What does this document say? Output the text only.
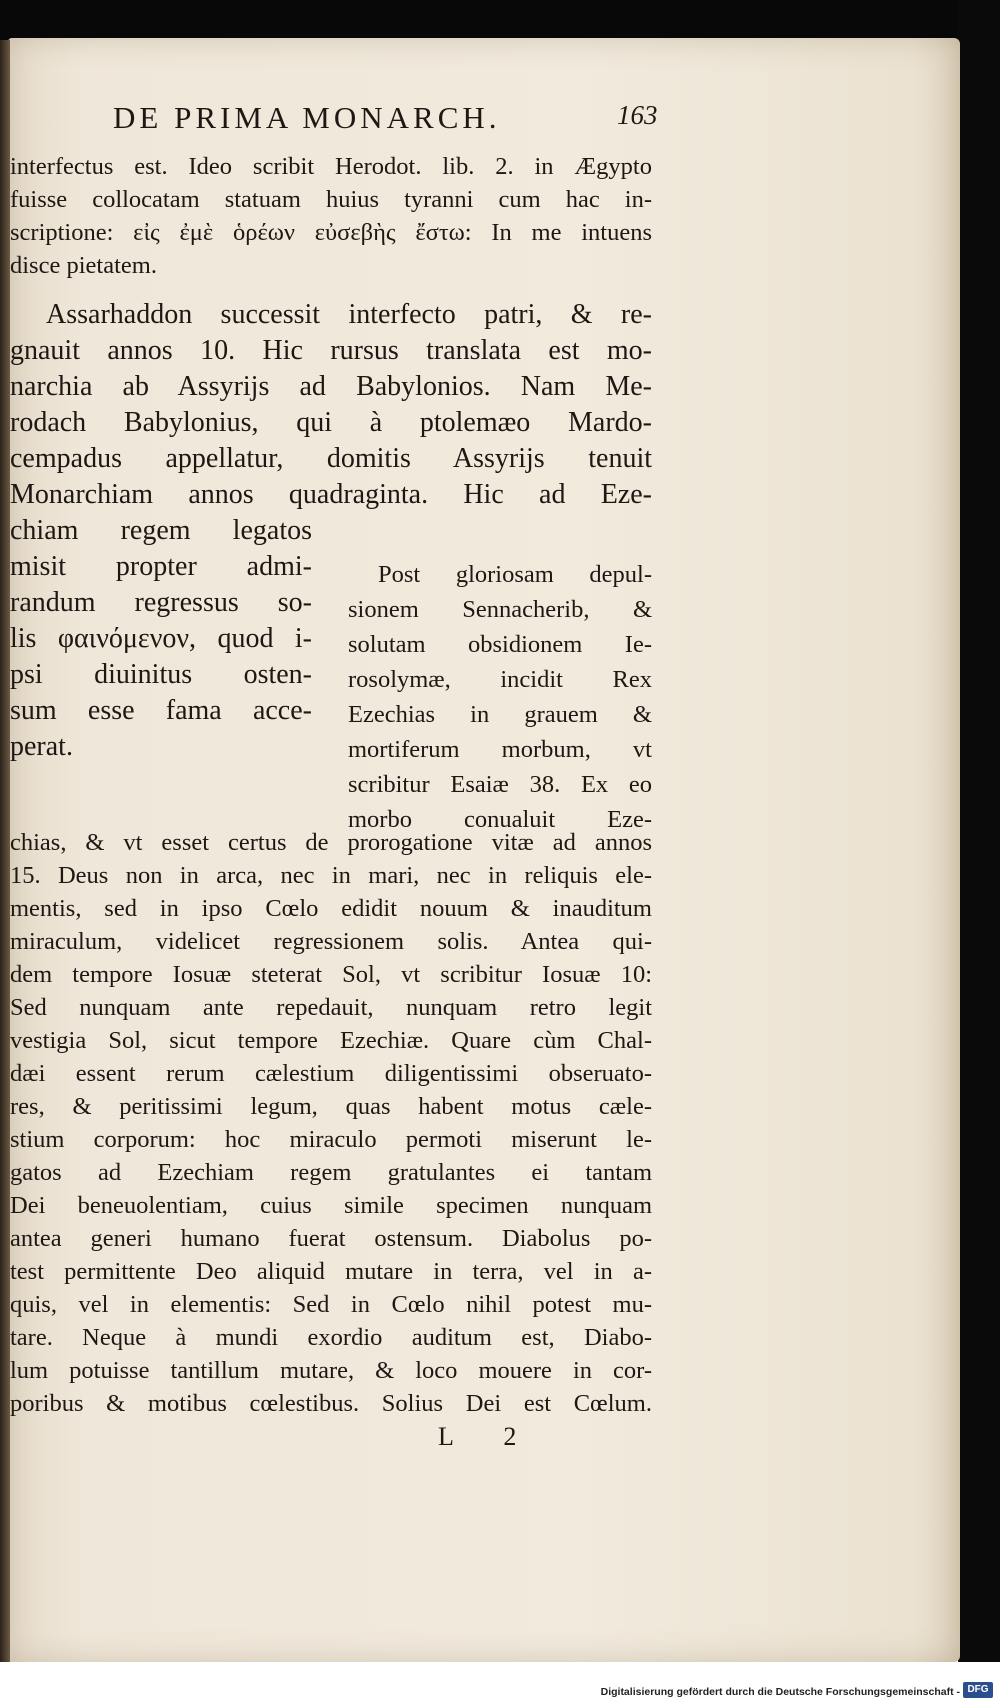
DE PRIMA MONARCH.	163

interfectus est. Ideo scribit Herodot. lib. 2. in Ægypto

fuisse collocatam statuam huius tyranni cum hac in-

scriptione: εἰς ἐμὲ ὁρέων εὐσεβὴς ἔστω: In me intuens

disce pietatem.

Assarhaddon successit interfecto patri, & re-

gnauit annos 10. Hic rursus translata est mo-

narchia ab Assyrijs ad Babylonios. Nam Me-

rodach Babylonius, qui à ptolemæo Mardo-

cempadus appellatur, domitis Assyrijs tenuit

Monarchiam annos quadraginta. Hic ad Eze-

chiam regem legatos

misit propter admi-

randum regressus so-

lis φαινόμενον, quod i-

psi diuinitus osten-

sum esse fama acce-

perat.

Post gloriosam depul-

sionem Sennacherib, &

solutam obsidionem Ie-

rosolymæ, incidit Rex

Ezechias in grauem &

mortiferum morbum, vt

scribitur Esaiæ 38. Ex eo

morbo conualuit Eze-

chias, & vt esset certus de prorogatione vitæ ad annos

15. Deus non in arca, nec in mari, nec in reliquis ele-

mentis, sed in ipso Cœlo edidit nouum & inauditum

miraculum, videlicet regressionem solis. Antea qui-

dem tempore Iosuæ steterat Sol, vt scribitur Iosuæ 10:

Sed nunquam ante repedauit, nunquam retro legit

vestigia Sol, sicut tempore Ezechiæ. Quare cùm Chal-

dæi essent rerum cælestium diligentissimi obseruato-

res, & peritissimi legum, quas habent motus cæle-

stium corporum: hoc miraculo permoti miserunt le-

gatos ad Ezechiam regem gratulantes ei tantam

Dei beneuolentiam, cuius simile specimen nunquam

antea generi humano fuerat ostensum. Diabolus po-

test permittente Deo aliquid mutare in terra, vel in a-

quis, vel in elementis: Sed in Cœlo nihil potest mu-

tare. Neque à mundi exordio auditum est, Diabo-

lum potuisse tantillum mutare, & loco mouere in cor-

poribus & motibus cœlestibus. Solius Dei est Cœlum.

L 2

Digitalisierung gefördert durch die Deutsche Forschungsgemeinschaft - DFG
